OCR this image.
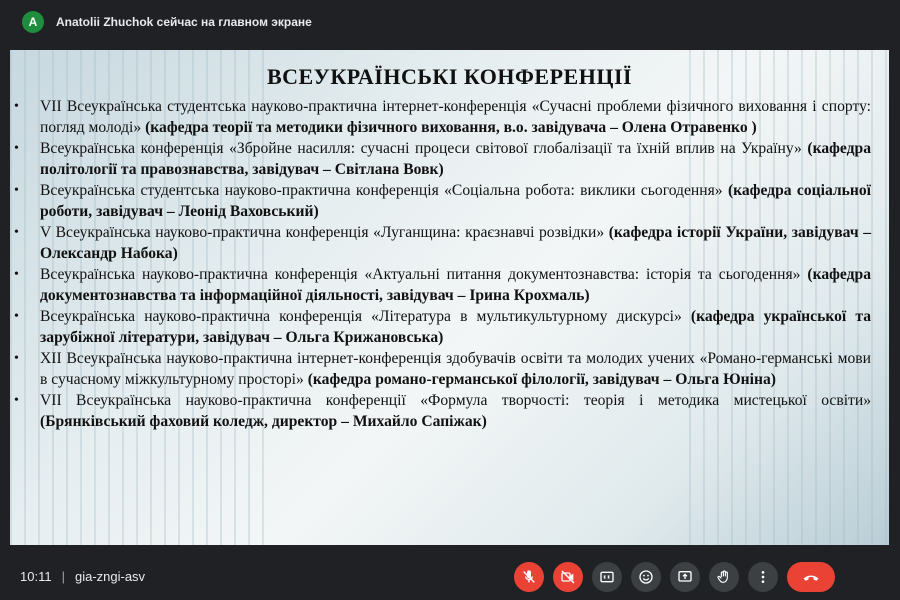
A	Anatolii Zhuchok сейчас на главном экране
ВСЕУКРАЇНСЬКІ КОНФЕРЕНЦІЇ
• VII Всеукраїнська студентська науково-практична інтернет-конференція «Сучасні проблеми фізичного виховання і спорту: погляд молоді» (кафедра теорії та методики фізичного виховання, в.о. завідувача – Олена Отравенко )
• Всеукраїнська конференція «Збройне насилля: сучасні процеси світової глобалізації та їхній вплив на Україну» (кафедра політології та правознавства, завідувач – Світлана Вовк)
• Всеукраїнська студентська науково-практична конференція «Соціальна робота: виклики сьогодення» (кафедра соціальної роботи, завідувач – Леонід Ваховський)
• V Всеукраїнська науково-практична конференція «Луганщина: краєзнавчі розвідки» (кафедра історії України, завідувач – Олександр Набока)
• Всеукраїнська науково-практична конференція «Актуальні питання документознавства: історія та сьогодення» (кафедра документознавства та інформаційної діяльності, завідувач – Ірина Крохмаль)
• Всеукраїнська науково-практична конференція «Література в мультикультурному дискурсі» (кафедра української та зарубіжної літератури, завідувач – Ольга Крижановська)
• XII Всеукраїнська науково-практична інтернет-конференція здобувачів освіти та молодих учених «Романо-германські мови в сучасному міжкультурному просторі» (кафедра романо-германської філології, завідувач – Ольга Юніна)
• VII Всеукраїнська науково-практична конференції «Формула творчості: теорія і методика мистецької освіти» (Брянківський фаховий коледж, директор – Михайло Сапіжак)
10:11 | gia-zngi-asv
